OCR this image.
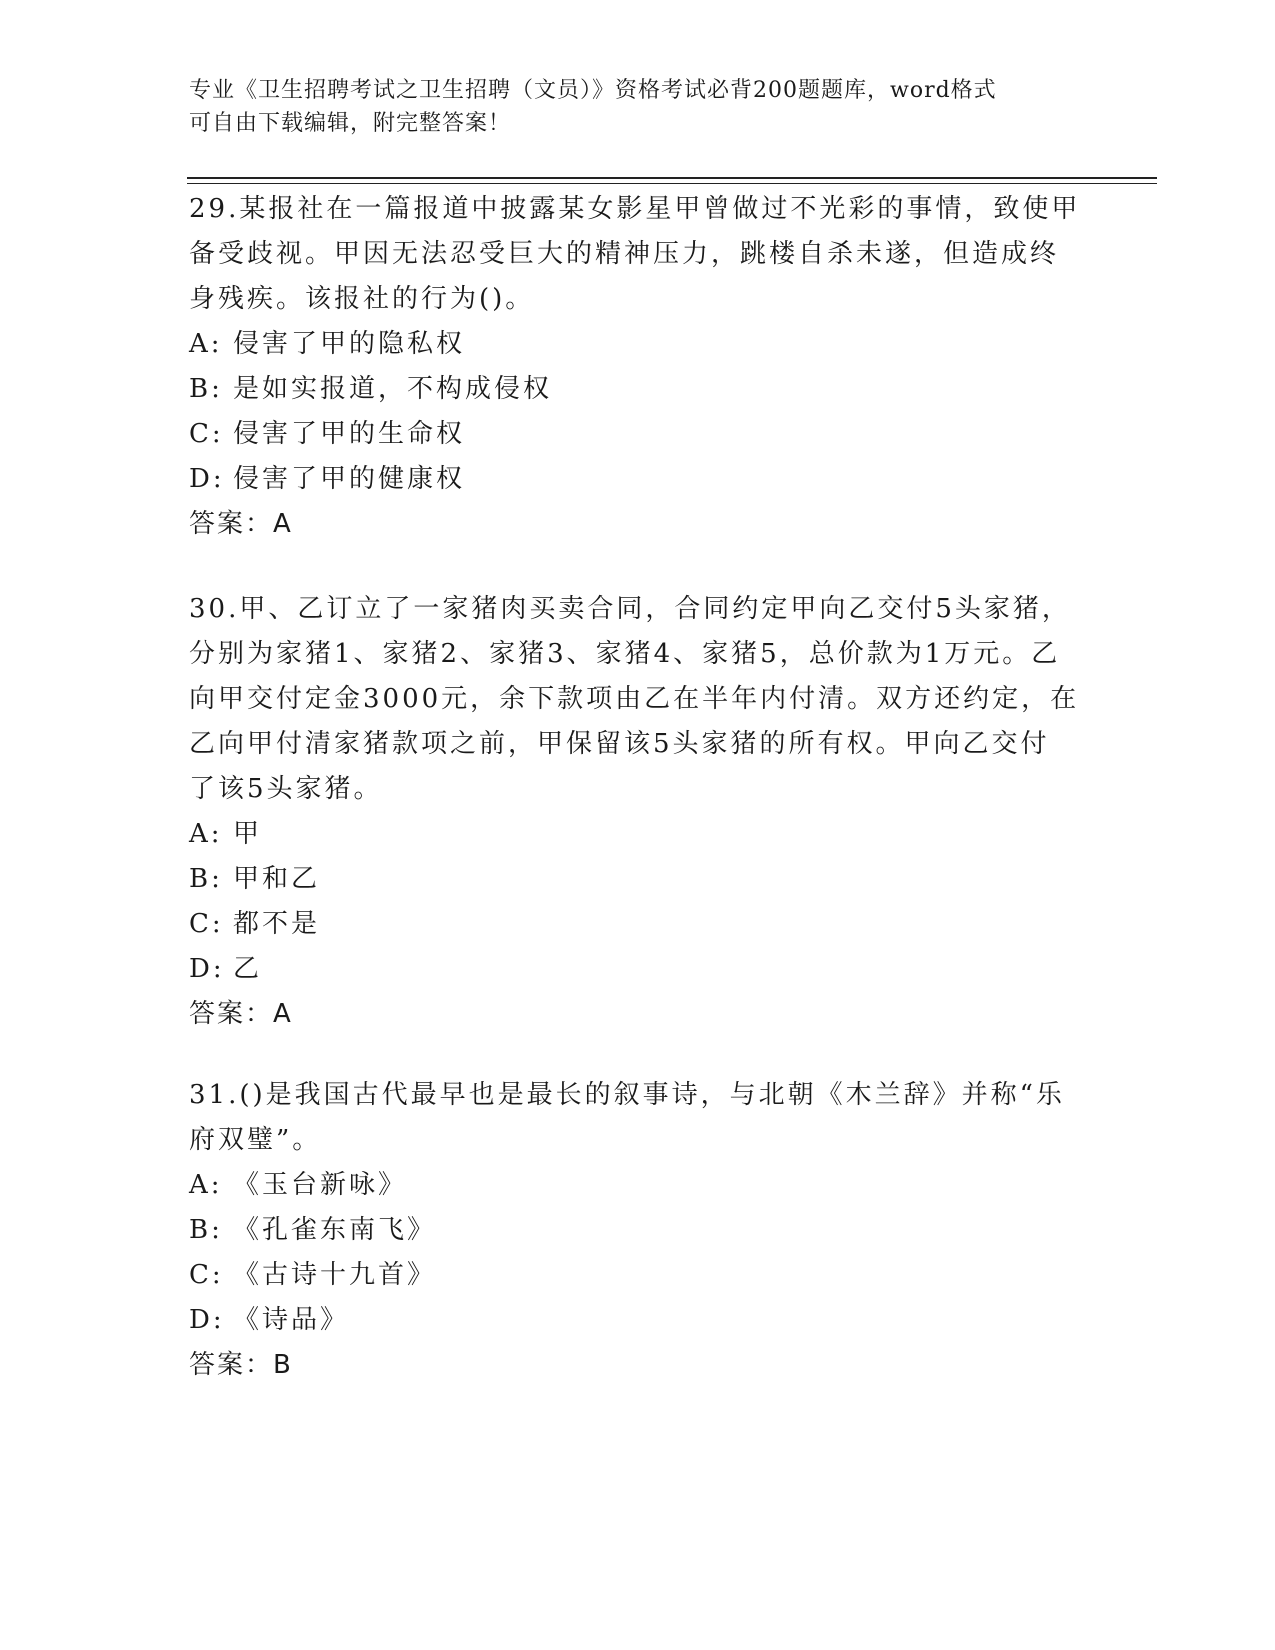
专业《卫生招聘考试之卫生招聘（文员）》资格考试必背200题题库，word格式
可自由下载编辑，附完整答案！
29.某报社在一篇报道中披露某女影星甲曾做过不光彩的事情，致使甲
备受歧视。甲因无法忍受巨大的精神压力，跳楼自杀未遂，但造成终
身残疾。该报社的行为()。
A: 侵害了甲的隐私权
B: 是如实报道，不构成侵权
C: 侵害了甲的生命权
D: 侵害了甲的健康权
答案：A
30.甲、乙订立了一家猪肉买卖合同，合同约定甲向乙交付5头家猪，
分别为家猪1、家猪2、家猪3、家猪4、家猪5，总价款为1万元。乙
向甲交付定金3000元，余下款项由乙在半年内付清。双方还约定，在
乙向甲付清家猪款项之前，甲保留该5头家猪的所有权。甲向乙交付
了该5头家猪。
A: 甲
B: 甲和乙
C: 都不是
D: 乙
答案：A
31.()是我国古代最早也是最长的叙事诗，与北朝《木兰辞》并称“乐
府双璧”。
A: 《玉台新咏》
B: 《孔雀东南飞》
C: 《古诗十九首》
D: 《诗品》
答案：B
